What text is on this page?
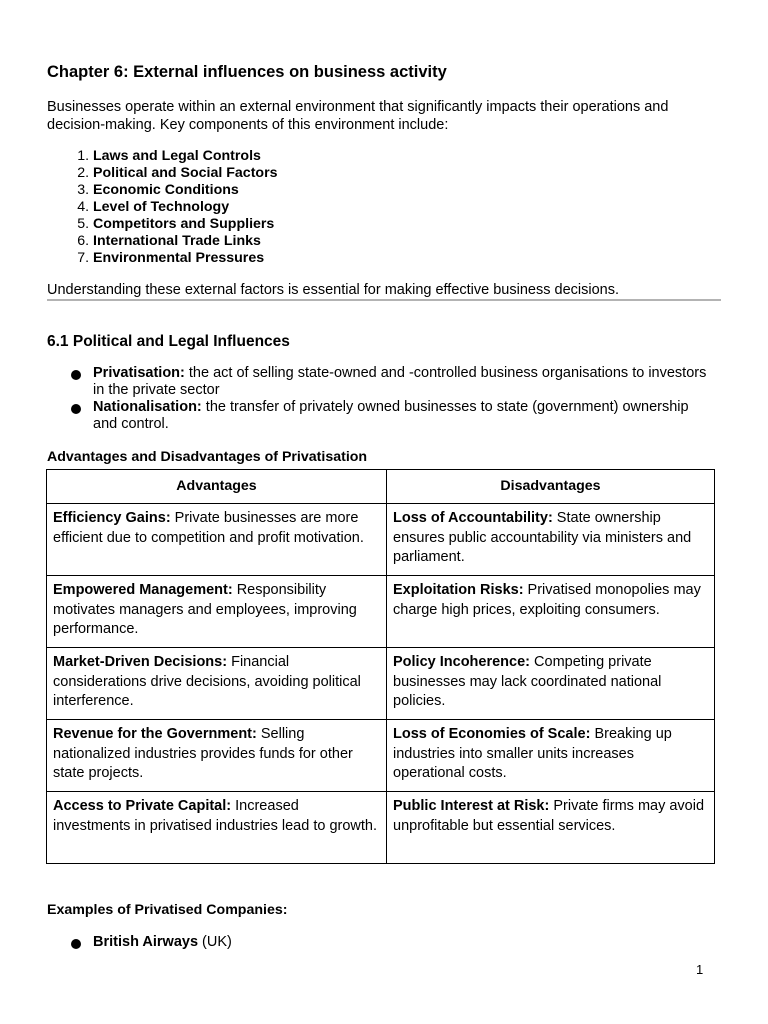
Chapter 6: External influences on business activity
Businesses operate within an external environment that significantly impacts their operations and decision-making. Key components of this environment include:
1. Laws and Legal Controls
2. Political and Social Factors
3. Economic Conditions
4. Level of Technology
5. Competitors and Suppliers
6. International Trade Links
7. Environmental Pressures
Understanding these external factors is essential for making effective business decisions.
6.1 Political and Legal Influences
Privatisation: the act of selling state-owned and -controlled business organisations to investors in the private sector
Nationalisation: the transfer of privately owned businesses to state (government) ownership and control.
Advantages and Disadvantages of Privatisation
Advantages	Disadvantages
Efficiency Gains: Private businesses are more efficient due to competition and profit motivation.	Loss of Accountability: State ownership ensures public accountability via ministers and parliament.
Empowered Management: Responsibility motivates managers and employees, improving performance.	Exploitation Risks: Privatised monopolies may charge high prices, exploiting consumers.
Market-Driven Decisions: Financial considerations drive decisions, avoiding political interference.	Policy Incoherence: Competing private businesses may lack coordinated national policies.
Revenue for the Government: Selling nationalized industries provides funds for other state projects.	Loss of Economies of Scale: Breaking up industries into smaller units increases operational costs.
Access to Private Capital: Increased investments in privatised industries lead to growth.	Public Interest at Risk: Private firms may avoid unprofitable but essential services.
Examples of Privatised Companies:
British Airways (UK)
1
